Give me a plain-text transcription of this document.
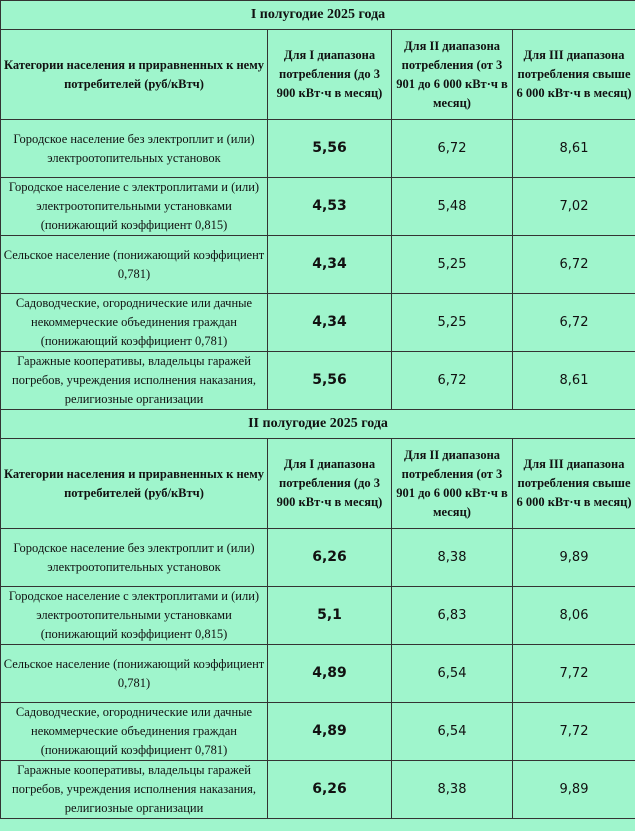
I полугодие 2025 года			
Категории населения и приравненных к нему потребителей (руб/кВтч)	Для I диапазона потребления (до 3 900 кВт·ч в месяц)	Для II диапазона потребления (от 3 901 до 6 000 кВт·ч в месяц)	Для III диапазона потребления свыше 6 000 кВт·ч в месяц)
Городское население без электроплит и (или) электроотопительных установок	5,56	6,72	8,61
Городское население с электроплитами и (или) электроотопительными установками (понижающий коэффициент 0,815)	4,53	5,48	7,02
Сельское население (понижающий коэффициент 0,781)	4,34	5,25	6,72
Садоводческие, огороднические или дачные некоммерческие объединения граждан (понижающий коэффициент 0,781)	4,34	5,25	6,72
Гаражные кооперативы, владельцы гаражей погребов, учреждения исполнения наказания, религиозные организации	5,56	6,72	8,61
II полугодие 2025 года			
Категории населения и приравненных к нему потребителей (руб/кВтч)	Для I диапазона потребления (до 3 900 кВт·ч в месяц)	Для II диапазона потребления (от 3 901 до 6 000 кВт·ч в месяц)	Для III диапазона потребления свыше 6 000 кВт·ч в месяц)
Городское население без электроплит и (или) электроотопительных установок	6,26	8,38	9,89
Городское население с электроплитами и (или) электроотопительными установками (понижающий коэффициент 0,815)	5,1	6,83	8,06
Сельское население (понижающий коэффициент 0,781)	4,89	6,54	7,72
Садоводческие, огороднические или дачные некоммерческие объединения граждан (понижающий коэффициент 0,781)	4,89	6,54	7,72
Гаражные кооперативы, владельцы гаражей погребов, учреждения исполнения наказания, религиозные организации	6,26	8,38	9,89
